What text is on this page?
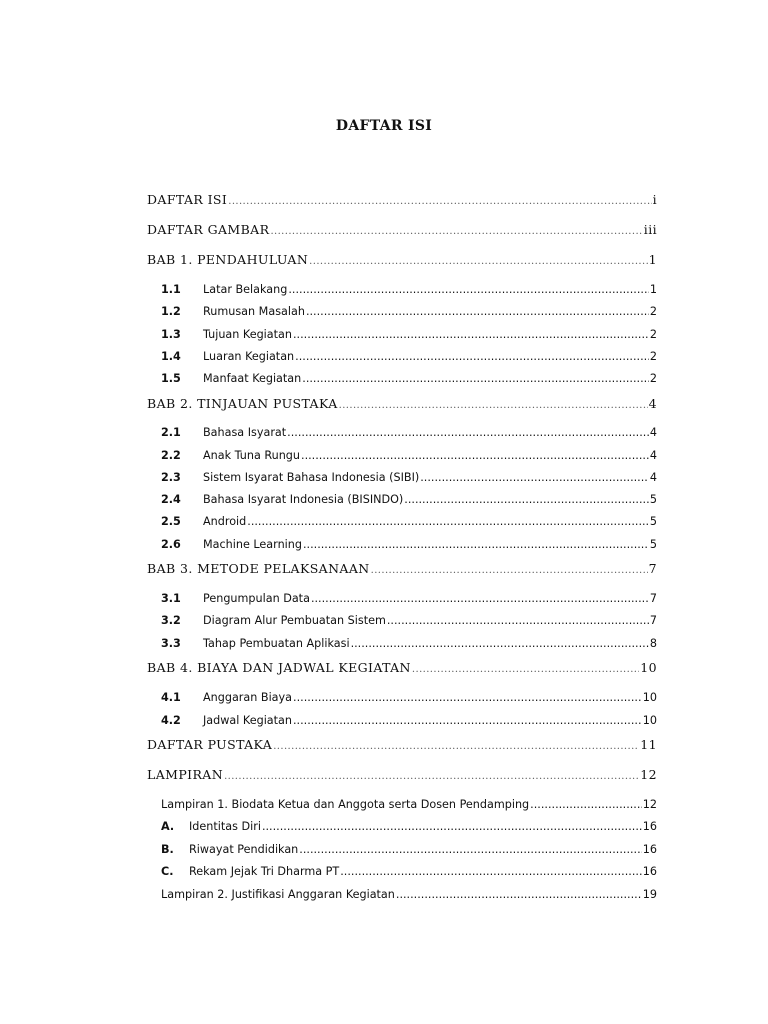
DAFTAR ISI
DAFTAR ISI .....	i
DAFTAR GAMBAR .....	iii
BAB 1. PENDAHULUAN .....	1
1.1	Latar Belakang .....	1
1.2	Rumusan Masalah .....	2
1.3	Tujuan Kegiatan .....	2
1.4	Luaran Kegiatan .....	2
1.5	Manfaat Kegiatan .....	2
BAB 2. TINJAUAN PUSTAKA .....	4
2.1	Bahasa Isyarat .....	4
2.2	Anak Tuna Rungu .....	4
2.3	Sistem Isyarat Bahasa Indonesia (SIBI) .....	4
2.4	Bahasa Isyarat Indonesia (BISINDO) .....	5
2.5	Android .....	5
2.6	Machine Learning .....	5
BAB 3. METODE PELAKSANAAN .....	7
3.1	Pengumpulan Data .....	7
3.2	Diagram Alur Pembuatan Sistem .....	7
3.3	Tahap Pembuatan Aplikasi .....	8
BAB 4. BIAYA DAN JADWAL KEGIATAN .....	10
4.1	Anggaran Biaya .....	10
4.2	Jadwal Kegiatan .....	10
DAFTAR PUSTAKA .....	11
LAMPIRAN .....	12
Lampiran 1. Biodata Ketua dan Anggota serta Dosen Pendamping .....	12
A.	Identitas Diri .....	16
B.	Riwayat Pendidikan .....	16
C.	Rekam Jejak Tri Dharma PT .....	16
Lampiran 2. Justifikasi Anggaran Kegiatan .....	19
